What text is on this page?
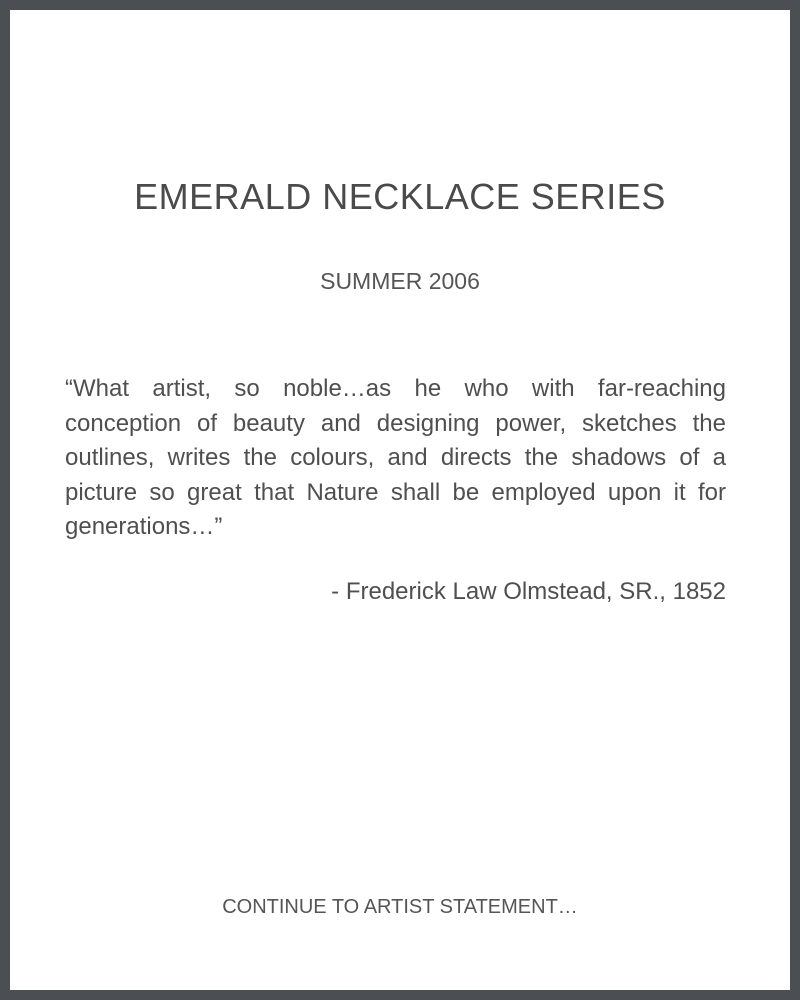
EMERALD NECKLACE SERIES

SUMMER 2006

“What artist, so noble…as he who with far-reaching conception of beauty and designing power, sketches the outlines, writes the colours, and directs the shadows of a picture so great that Nature shall be employed upon it for generations…”

- Frederick Law Olmstead, SR., 1852

CONTINUE TO ARTIST STATEMENT…
